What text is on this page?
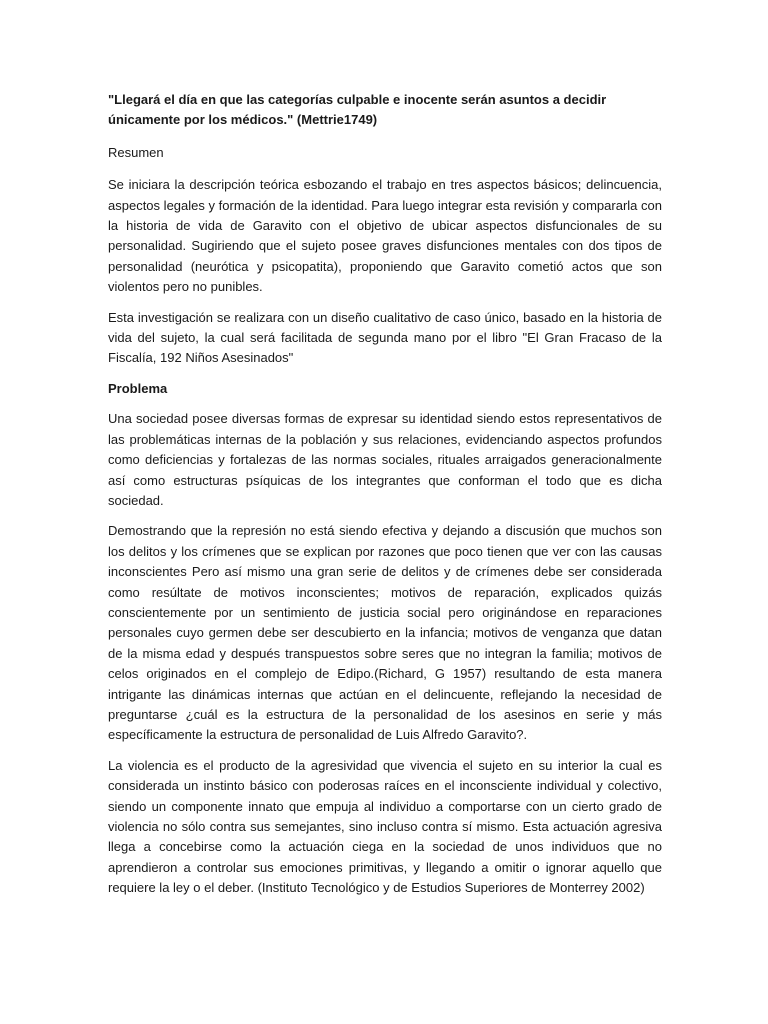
"Llegará el día en que las categorías culpable e inocente serán asuntos a decidir únicamente por los médicos." (Mettrie1749)

Resumen

Se iniciara la descripción teórica esbozando el trabajo en tres aspectos básicos; delincuencia, aspectos legales y formación de la identidad. Para luego integrar esta revisión y compararla con la historia de vida de Garavito con el objetivo de ubicar aspectos disfuncionales de su personalidad. Sugiriendo que el sujeto posee graves disfunciones mentales con dos tipos de personalidad (neurótica y psicopatita), proponiendo que Garavito cometió actos que son violentos pero no punibles.

Esta investigación se realizara con un diseño cualitativo de caso único, basado en la historia de vida del sujeto, la cual será facilitada de segunda mano por el libro "El Gran Fracaso de la Fiscalía, 192 Niños Asesinados"

Problema

Una sociedad posee diversas formas de expresar su identidad siendo estos representativos de las problemáticas internas de la población y sus relaciones, evidenciando aspectos profundos como deficiencias y fortalezas de las normas sociales, rituales arraigados generacionalmente así como estructuras psíquicas de los integrantes que conforman el todo que es dicha sociedad.

Demostrando que la represión no está siendo efectiva y dejando a discusión que muchos son los delitos y los crímenes que se explican por razones que poco tienen que ver con las causas inconscientes Pero así mismo una gran serie de delitos y de crímenes debe ser considerada como resúltate de motivos inconscientes; motivos de reparación, explicados quizás conscientemente por un sentimiento de justicia social pero originándose en reparaciones personales cuyo germen debe ser descubierto en la infancia; motivos de venganza que datan de la misma edad y después transpuestos sobre seres que no integran la familia; motivos de celos originados en el complejo de Edipo.(Richard, G 1957) resultando de esta manera intrigante las dinámicas internas que actúan en el delincuente, reflejando la necesidad de preguntarse ¿cuál es la estructura de la personalidad de los asesinos en serie y más específicamente la estructura de personalidad de Luis Alfredo Garavito?.

La violencia es el producto de la agresividad que vivencia el sujeto en su interior la cual es considerada un instinto básico con poderosas raíces en el inconsciente individual y colectivo, siendo un componente innato que empuja al individuo a comportarse con un cierto grado de violencia no sólo contra sus semejantes, sino incluso contra sí mismo. Esta actuación agresiva llega a concebirse como la actuación ciega en la sociedad de unos individuos que no aprendieron a controlar sus emociones primitivas, y llegando a omitir o ignorar aquello que requiere la ley o el deber. (Instituto Tecnológico y de Estudios Superiores de Monterrey 2002)
